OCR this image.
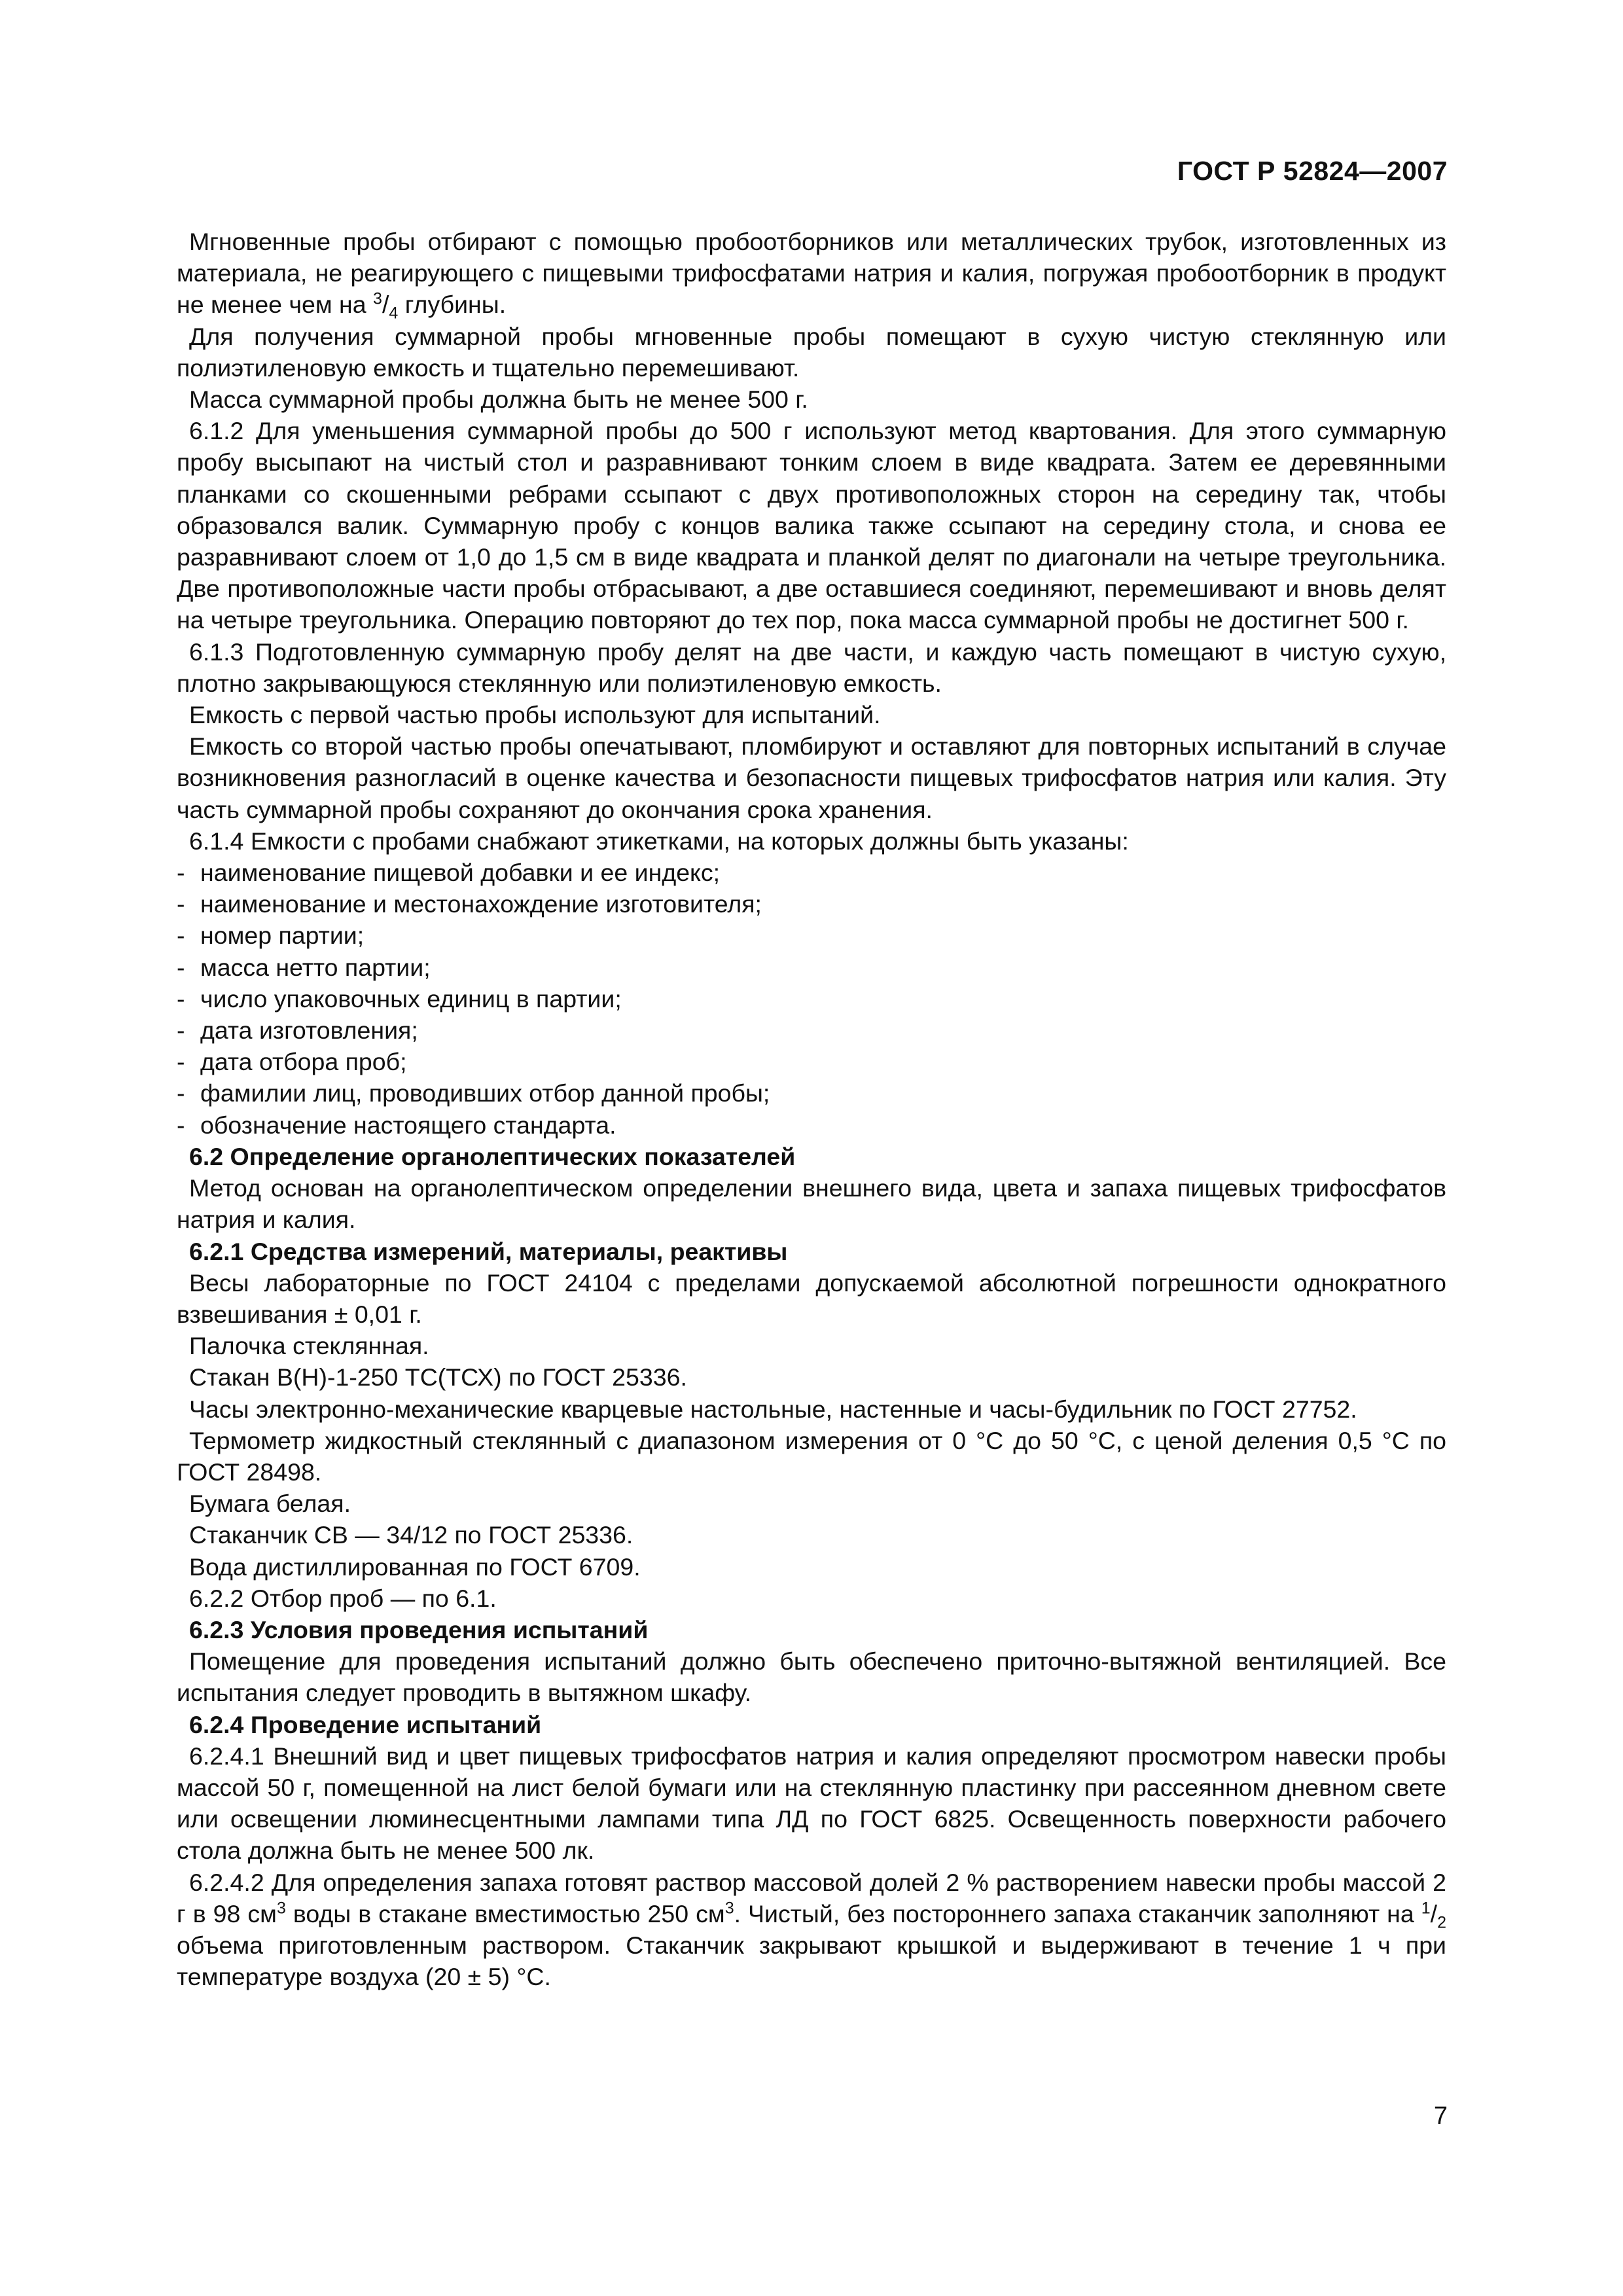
ГОСТ Р 52824—2007

Мгновенные пробы отбирают с помощью пробоотборников или металлических трубок, изготовленных из материала, не реагирующего с пищевыми трифосфатами натрия и калия, погружая пробоотборник в продукт не менее чем на $^3/_4$ глубины.

Для получения суммарной пробы мгновенные пробы помещают в сухую чистую стеклянную или полиэтиленовую емкость и тщательно перемешивают.

Масса суммарной пробы должна быть не менее 500 г.

6.1.2 Для уменьшения суммарной пробы до 500 г используют метод квартования. Для этого суммарную пробу высыпают на чистый стол и разравнивают тонким слоем в виде квадрата. Затем ее деревянными планками со скошенными ребрами ссыпают с двух противоположных сторон на середину так, чтобы образовался валик. Суммарную пробу с концов валика также ссыпают на середину стола, и снова ее разравнивают слоем от 1,0 до 1,5 см в виде квадрата и планкой делят по диагонали на четыре треугольника. Две противоположные части пробы отбрасывают, а две оставшиеся соединяют, перемешивают и вновь делят на четыре треугольника. Операцию повторяют до тех пор, пока масса суммарной пробы не достигнет 500 г.

6.1.3 Подготовленную суммарную пробу делят на две части, и каждую часть помещают в чистую сухую, плотно закрывающуюся стеклянную или полиэтиленовую емкость.

Емкость с первой частью пробы используют для испытаний.

Емкость со второй частью пробы опечатывают, пломбируют и оставляют для повторных испытаний в случае возникновения разногласий в оценке качества и безопасности пищевых трифосфатов натрия или калия. Эту часть суммарной пробы сохраняют до окончания срока хранения.

6.1.4 Емкости с пробами снабжают этикетками, на которых должны быть указаны:

- наименование пищевой добавки и ее индекс;

- наименование и местонахождение изготовителя;

- номер партии;

- масса нетто партии;

- число упаковочных единиц в партии;

- дата изготовления;

- дата отбора проб;

- фамилии лиц, проводивших отбор данной пробы;

- обозначение настоящего стандарта.

6.2 Определение органолептических показателей

Метод основан на органолептическом определении внешнего вида, цвета и запаха пищевых трифосфатов натрия и калия.

6.2.1 Средства измерений, материалы, реактивы

Весы лабораторные по ГОСТ 24104 с пределами допускаемой абсолютной погрешности однократного взвешивания ± 0,01 г.

Палочка стеклянная.

Стакан В(Н)-1-250 ТС(ТСХ) по ГОСТ 25336.

Часы электронно-механические кварцевые настольные, настенные и часы-будильник по ГОСТ 27752.

Термометр жидкостный стеклянный с диапазоном измерения от 0 °С до 50 °С, с ценой деления 0,5 °С по ГОСТ 28498.

Бумага белая.

Стаканчик СВ — 34/12 по ГОСТ 25336.

Вода дистиллированная по ГОСТ 6709.

6.2.2 Отбор проб — по 6.1.

6.2.3 Условия проведения испытаний

Помещение для проведения испытаний должно быть обеспечено приточно-вытяжной вентиляцией. Все испытания следует проводить в вытяжном шкафу.

6.2.4 Проведение испытаний

6.2.4.1 Внешний вид и цвет пищевых трифосфатов натрия и калия определяют просмотром навески пробы массой 50 г, помещенной на лист белой бумаги или на стеклянную пластинку при рассеянном дневном свете или освещении люминесцентными лампами типа ЛД по ГОСТ 6825. Освещенность поверхности рабочего стола должна быть не менее 500 лк.

6.2.4.2 Для определения запаха готовят раствор массовой долей 2 % растворением навески пробы массой 2 г в 98 $см^3$ воды в стакане вместимостью 250 $см^3$. Чистый, без постороннего запаха стаканчик заполняют на $^1/_2$ объема приготовленным раствором. Стаканчик закрывают крышкой и выдерживают в течение 1 ч при температуре воздуха (20 ± 5) °С.

7
